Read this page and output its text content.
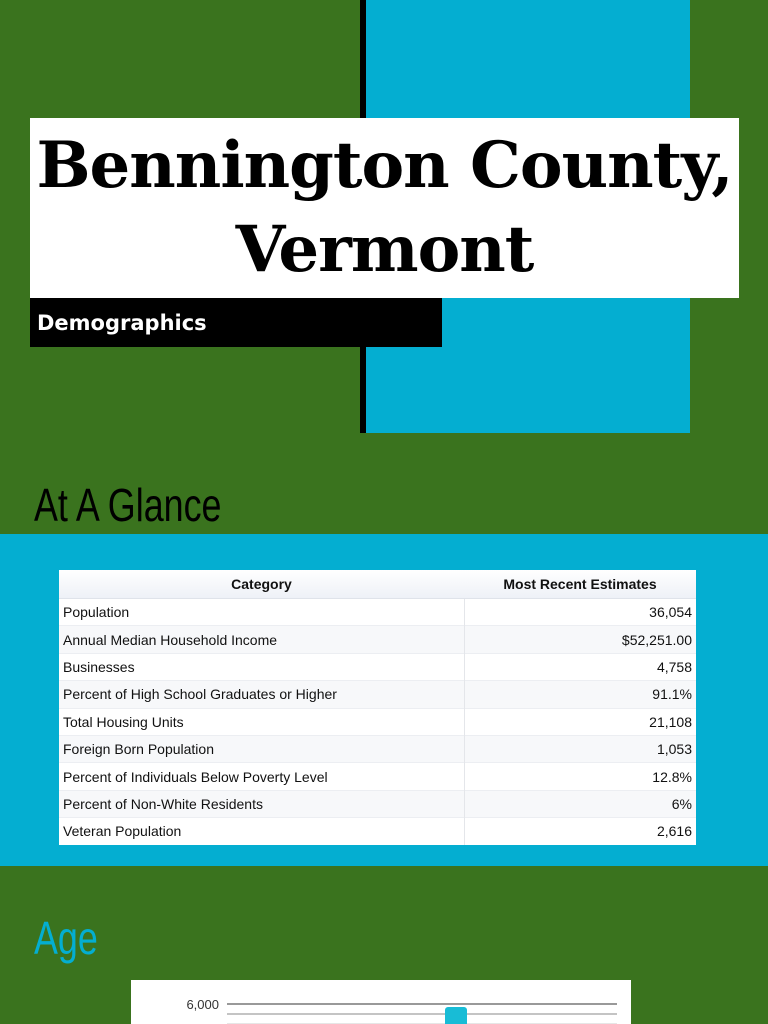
Bennington County,
Vermont
Demographics
At A Glance
Category	Most Recent Estimates
Population	36,054
Annual Median Household Income	$52,251.00
Businesses	4,758
Percent of High School Graduates or Higher	91.1%
Total Housing Units	21,108
Foreign Born Population	1,053
Percent of Individuals Below Poverty Level	12.8%
Percent of Non-White Residents	6%
Veteran Population	2,616
Age
6,000
